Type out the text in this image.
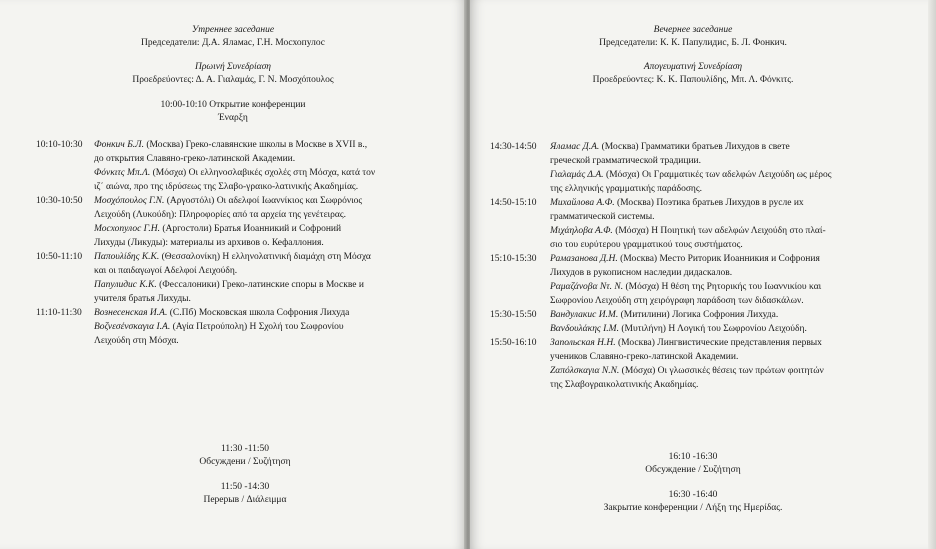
Утреннее заседание
Председатели: Д.А. Яламас, Г.Н. Мосхопулос
Πρωινή Συνεδρίαση
Προεδρεύοντες: Δ. Α. Γιαλαμάς, Γ. Ν. Μοσχόπουλος
10:00-10:10 Открытие конференции
Έναρξη
10:10-10:30 Фонкич Б.Л. (Москва) Греко-славянские школы в Москве в XVII в.,
до открытия Славяно-греко-латинской Академии.
Φόνκιτς Μπ.Λ. (Μόσχα) Οι ελληνοσλαβικές σχολές στη Μόσχα, κατά τον
ιζ΄ αιώνα, προ της ιδρύσεως της Σλαβο-γραικο-λατινικής Ακαδημίας.
10:30-10:50 Μοσχόπουλος Γ.Ν. (Αργοστόλι) Οι αδελφοί Ιωαννίκιος και Σωφρόνιος
Λειχούδη (Λυκούδη): Πληροφορίες από τα αρχεία της γενέτειρας.
Мосхопулос Г.Н. (Аргостоли) Братья Иоанникий и Софроний
Лихуды (Ликуды): материалы из архивов о. Кефаллония.
10:50-11:10 Παπουλίδης Κ.Κ. (Θεσσαλονίκη) Η ελληνολατινική διαμάχη στη Μόσχα
και οι παιδαγωγοί Αδελφοί Λειχούδη.
Папулидис К.К. (Фессалоники) Греко-латинские споры в Москве и
учителя братья Лихуды.
11:10-11:30 Вознесенская И.А. (С.Пб) Московская школа Софрония Лихуда
Βοζνεσένσκαγια Ι.Α. (Αγία Πετρούπολη) Η Σχολή του Σωφρονίου
Λειχούδη στη Μόσχα.
11:30 -11:50
Обсуждени / Συζήτηση
11:50 -14:30
Перерыв / Διάλειμμα
Вечернее заседание
Председатели: К. К. Папулидис, Б. Л. Фонкич.
Απογευματινή Συνεδρίαση
Προεδρεύοντες: Κ. Κ. Παπουλίδης, Μπ. Λ. Φόνκιτς.
14:30-14:50 Яламас Д.А. (Москва) Грамматики братьев Лихудов в свете
греческой грамматической традиции.
Γιαλαμάς Δ.Α. (Μόσχα) Οι Γραμματικές των αδελφών Λειχούδη ως μέρος
της ελληνικής γραμματικής παράδοσης.
14:50-15:10 Михайлова А.Ф. (Москва) Поэтика братьев Лихудов в русле их
грамматической системы.
Μιχάηλοβα Α.Φ. (Μόσχα) Η Ποιητική των αδελφών Λειχούδη στο πλαί-
σιο του ευρύτερου γραμματικού τους συστήματος.
15:10-15:30 Рамазанова Д.Н. (Москва) Место Риторик Иоанникия и Софрония
Лихудов в рукописном наследии дидаскалов.
Ραμαζάνοβα Ντ. Ν. (Μόσχα) Η θέση της Ρητορικής του Ιωαννικίου και
Σωφρονίου Λειχούδη στη χειρόγραφη παράδοση των διδασκάλων.
15:30-15:50 Вандулакис И.М. (Митилини) Логика Софрония Лихуда.
Βανδουλάκης Ι.Μ. (Μυτιλήνη) Η Λογική του Σωφρονίου Λειχούδη.
15:50-16:10 Запольская Н.Н. (Москва) Лингвистические представления первых
учеников Славяно-греко-латинской Академии.
Ζαπόλσκαγια Ν.Ν. (Μόσχα) Οι γλωσσικές θέσεις των πρώτων φοιτητών
της Σλαβογραικολατινικής Ακαδημίας.
16:10 -16:30
Обсуждение / Συζήτηση
16:30 -16:40
Закрытие конференции / Λήξη της Ημερίδας.
